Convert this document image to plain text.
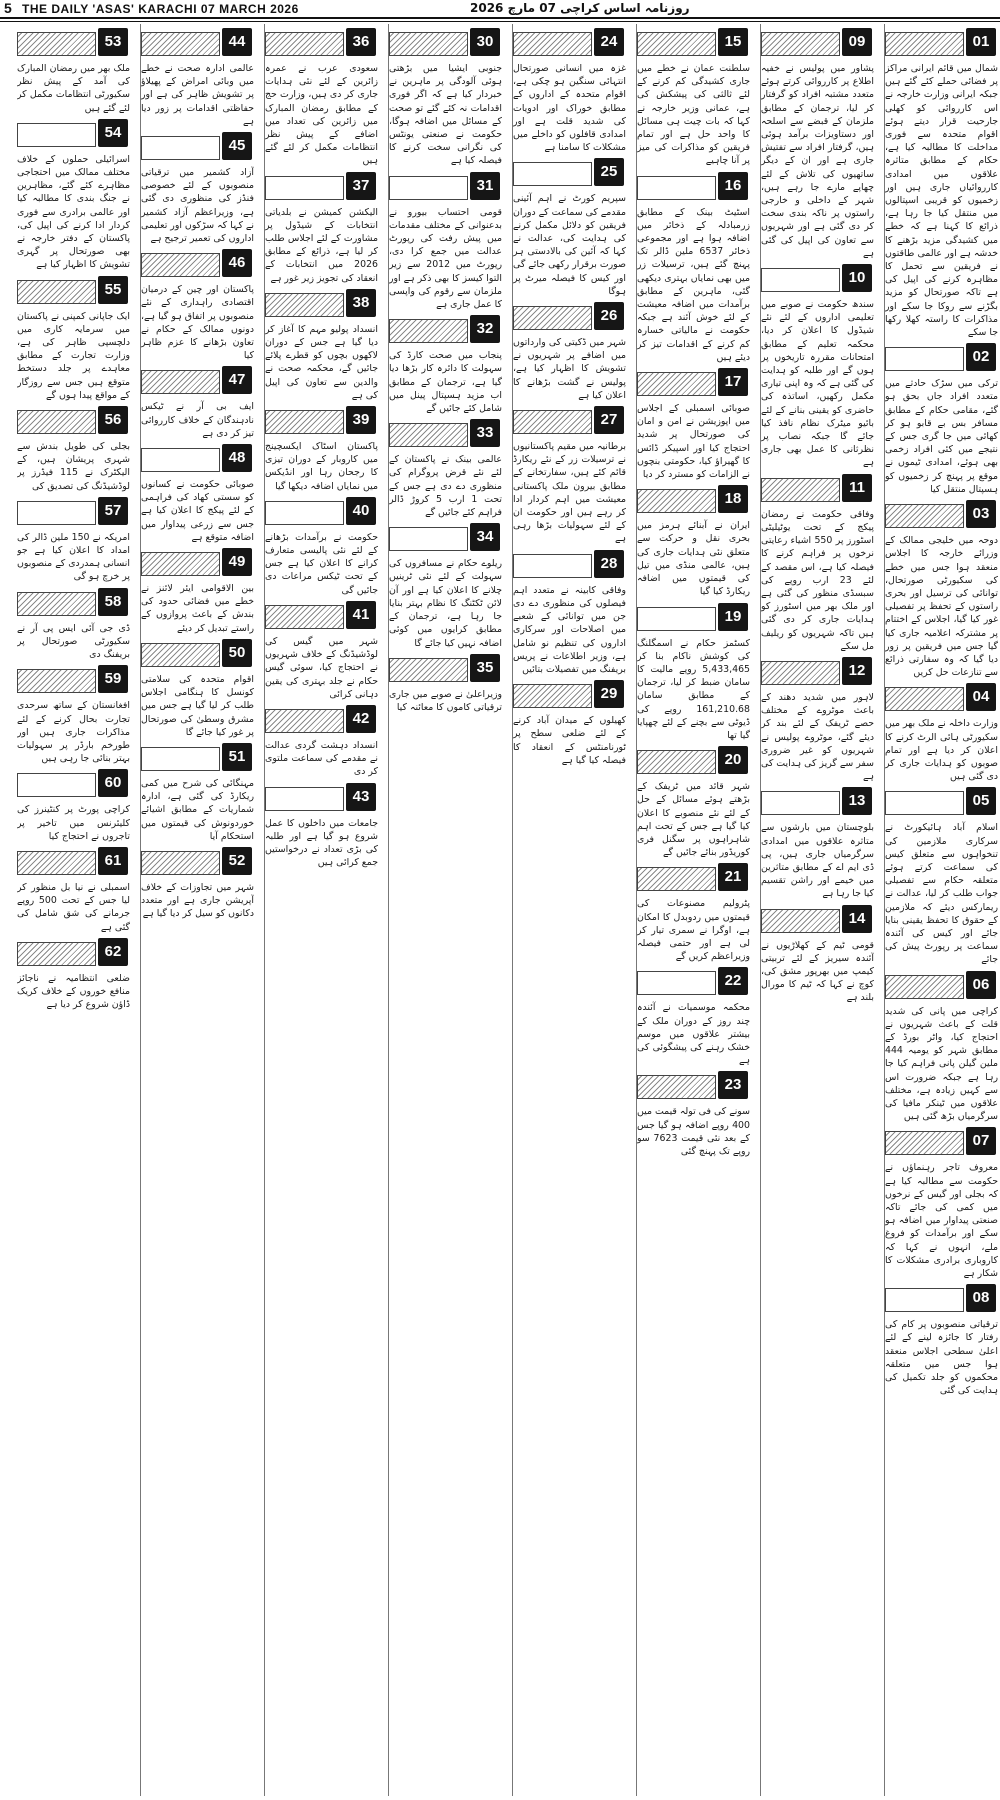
5 THE DAILY 'ASAS' KARACHI 07 MARCH 2026	روزنامہ اساس کراچی 07 مارچ 2026
01

شمال میں قائم ایرانی مراکز پر فضائی حملے کئے گئے ہیں جبکہ ایرانی وزارت خارجہ نے اس کارروائی کو کھلی جارحیت قرار دیتے ہوئے اقوام متحدہ سے فوری مداخلت کا مطالبہ کیا ہے، حکام کے مطابق متاثرہ علاقوں میں امدادی کارروائیاں جاری ہیں اور زخمیوں کو قریبی اسپتالوں میں منتقل کیا جا رہا ہے، ذرائع کا کہنا ہے کہ خطے میں کشیدگی مزید بڑھنے کا خدشہ ہے اور عالمی طاقتوں نے فریقین سے تحمل کا مظاہرہ کرنے کی اپیل کی ہے تاکہ صورتحال کو مزید بگڑنے سے روکا جا سکے اور مذاکرات کا راستہ کھلا رکھا جا سکے

02

ترکی میں سڑک حادثے میں متعدد افراد جاں بحق ہو گئے، مقامی حکام کے مطابق مسافر بس بے قابو ہو کر کھائی میں جا گری جس کے نتیجے میں کئی افراد زخمی بھی ہوئے، امدادی ٹیموں نے موقع پر پہنچ کر زخمیوں کو ہسپتال منتقل کیا

03

دوحہ میں خلیجی ممالک کے وزرائے خارجہ کا اجلاس منعقد ہوا جس میں خطے کی سکیورٹی صورتحال، توانائی کی ترسیل اور بحری راستوں کے تحفظ پر تفصیلی غور کیا گیا، اجلاس کے اختتام پر مشترکہ اعلامیہ جاری کیا گیا جس میں فریقین پر زور دیا گیا کہ وہ سفارتی ذرائع سے تنازعات حل کریں

04

وزارت داخلہ نے ملک بھر میں سکیورٹی ہائی الرٹ کرنے کا اعلان کر دیا ہے اور تمام صوبوں کو ہدایات جاری کر دی گئی ہیں

05

اسلام آباد ہائیکورٹ نے سرکاری ملازمین کی تنخواہوں سے متعلق کیس کی سماعت کرتے ہوئے متعلقہ حکام سے تفصیلی جواب طلب کر لیا، عدالت نے ریمارکس دیئے کہ ملازمین کے حقوق کا تحفظ یقینی بنایا جائے اور کیس کی آئندہ سماعت پر رپورٹ پیش کی جائے

06

کراچی میں پانی کی شدید قلت کے باعث شہریوں نے احتجاج کیا، واٹر بورڈ کے مطابق شہر کو یومیہ 444 ملین گیلن پانی فراہم کیا جا رہا ہے جبکہ ضرورت اس سے کہیں زیادہ ہے، مختلف علاقوں میں ٹینکر مافیا کی سرگرمیاں بڑھ گئی ہیں

07

معروف تاجر رہنماؤں نے حکومت سے مطالبہ کیا ہے کہ بجلی اور گیس کے نرخوں میں کمی کی جائے تاکہ صنعتی پیداوار میں اضافہ ہو سکے اور برآمدات کو فروغ ملے، انہوں نے کہا کہ کاروباری برادری مشکلات کا شکار ہے

08

ترقیاتی منصوبوں پر کام کی رفتار کا جائزہ لینے کے لئے اعلیٰ سطحی اجلاس منعقد ہوا جس میں متعلقہ محکموں کو جلد تکمیل کی ہدایت کی گئی

09

پشاور میں پولیس نے خفیہ اطلاع پر کارروائی کرتے ہوئے متعدد مشتبہ افراد کو گرفتار کر لیا، ترجمان کے مطابق ملزمان کے قبضے سے اسلحہ اور دستاویزات برآمد ہوئی ہیں، گرفتار افراد سے تفتیش جاری ہے اور ان کے دیگر ساتھیوں کی تلاش کے لئے چھاپے مارے جا رہے ہیں، شہر کے داخلی و خارجی راستوں پر ناکہ بندی سخت کر دی گئی ہے اور شہریوں سے تعاون کی اپیل کی گئی ہے

10

سندھ حکومت نے صوبے میں تعلیمی اداروں کے لئے نئے شیڈول کا اعلان کر دیا، محکمہ تعلیم کے مطابق امتحانات مقررہ تاریخوں پر ہوں گے اور طلبہ کو ہدایت کی گئی ہے کہ وہ اپنی تیاری مکمل رکھیں، اساتذہ کی حاضری کو یقینی بنانے کے لئے بائیو میٹرک نظام نافذ کیا جائے گا جبکہ نصاب پر نظرثانی کا عمل بھی جاری ہے

11

وفاقی حکومت نے رمضان پیکج کے تحت یوٹیلیٹی اسٹورز پر 550 اشیاء رعایتی نرخوں پر فراہم کرنے کا فیصلہ کیا ہے، اس مقصد کے لئے 23 ارب روپے کی سبسڈی منظور کی گئی ہے اور ملک بھر میں اسٹورز کو ہدایات جاری کر دی گئی ہیں تاکہ شہریوں کو ریلیف مل سکے

12

لاہور میں شدید دھند کے باعث موٹروے کے مختلف حصے ٹریفک کے لئے بند کر دیئے گئے، موٹروے پولیس نے شہریوں کو غیر ضروری سفر سے گریز کی ہدایت کی ہے

13

بلوچستان میں بارشوں سے متاثرہ علاقوں میں امدادی سرگرمیاں جاری ہیں، پی ڈی ایم اے کے مطابق متاثرین میں خیمے اور راشن تقسیم کیا جا رہا ہے

14

قومی ٹیم کے کھلاڑیوں نے آئندہ سیریز کے لئے تربیتی کیمپ میں بھرپور مشق کی، کوچ نے کہا کہ ٹیم کا مورال بلند ہے

15

سلطنت عمان نے خطے میں جاری کشیدگی کم کرنے کے لئے ثالثی کی پیشکش کی ہے، عمانی وزیر خارجہ نے کہا کہ بات چیت ہی مسائل کا واحد حل ہے اور تمام فریقین کو مذاکرات کی میز پر آنا چاہیے

16

اسٹیٹ بینک کے مطابق زرمبادلہ کے ذخائر میں اضافہ ہوا ہے اور مجموعی ذخائر 6537 ملین ڈالر تک پہنچ گئے ہیں، ترسیلات زر میں بھی نمایاں بہتری دیکھی گئی، ماہرین کے مطابق برآمدات میں اضافہ معیشت کے لئے خوش آئند ہے جبکہ حکومت نے مالیاتی خسارہ کم کرنے کے اقدامات تیز کر دیئے ہیں

17

صوبائی اسمبلی کے اجلاس میں اپوزیشن نے امن و امان کی صورتحال پر شدید احتجاج کیا اور اسپیکر ڈائس کا گھیراؤ کیا، حکومتی بنچوں نے الزامات کو مسترد کر دیا

18

ایران نے آبنائے ہرمز میں بحری نقل و حرکت سے متعلق نئی ہدایات جاری کی ہیں، عالمی منڈی میں تیل کی قیمتوں میں اضافہ ریکارڈ کیا گیا

19

کسٹمز حکام نے اسمگلنگ کی کوشش ناکام بنا کر 5,433,465 روپے مالیت کا سامان ضبط کر لیا، ترجمان کے مطابق سامان 161,210.68 روپے کی ڈیوٹی سے بچنے کے لئے چھپایا گیا تھا

20

شہر قائد میں ٹریفک کے بڑھتے ہوئے مسائل کے حل کے لئے نئے منصوبے کا اعلان کیا گیا ہے جس کے تحت اہم شاہراہوں پر سگنل فری کوریڈور بنائے جائیں گے

21

پٹرولیم مصنوعات کی قیمتوں میں ردوبدل کا امکان ہے، اوگرا نے سمری تیار کر لی ہے اور حتمی فیصلہ وزیراعظم کریں گے

22

محکمہ موسمیات نے آئندہ چند روز کے دوران ملک کے بیشتر علاقوں میں موسم خشک رہنے کی پیشگوئی کی ہے

23

سونے کی فی تولہ قیمت میں 400 روپے اضافہ ہو گیا جس کے بعد نئی قیمت 7623 سو روپے تک پہنچ گئی

24

غزہ میں انسانی صورتحال انتہائی سنگین ہو چکی ہے، اقوام متحدہ کے اداروں کے مطابق خوراک اور ادویات کی شدید قلت ہے اور امدادی قافلوں کو داخلے میں مشکلات کا سامنا ہے

25

سپریم کورٹ نے اہم آئینی مقدمے کی سماعت کے دوران فریقین کو دلائل مکمل کرنے کی ہدایت کی، عدالت نے کہا کہ آئین کی بالادستی ہر صورت برقرار رکھی جائے گی اور کیس کا فیصلہ میرٹ پر ہوگا

26

شہر میں ڈکیتی کی وارداتوں میں اضافے پر شہریوں نے تشویش کا اظہار کیا ہے، پولیس نے گشت بڑھانے کا اعلان کیا ہے

27

برطانیہ میں مقیم پاکستانیوں نے ترسیلات زر کے نئے ریکارڈ قائم کئے ہیں، سفارتخانے کے مطابق بیرون ملک پاکستانی معیشت میں اہم کردار ادا کر رہے ہیں اور حکومت ان کے لئے سہولیات بڑھا رہی ہے

28

وفاقی کابینہ نے متعدد اہم فیصلوں کی منظوری دے دی جن میں توانائی کے شعبے میں اصلاحات اور سرکاری اداروں کی تنظیم نو شامل ہے، وزیر اطلاعات نے پریس بریفنگ میں تفصیلات بتائیں

29

کھیلوں کے میدان آباد کرنے کے لئے ضلعی سطح پر ٹورنامنٹس کے انعقاد کا فیصلہ کیا گیا ہے

30

جنوبی ایشیا میں بڑھتی ہوئی آلودگی پر ماہرین نے خبردار کیا ہے کہ اگر فوری اقدامات نہ کئے گئے تو صحت کے مسائل میں اضافہ ہوگا، حکومت نے صنعتی یونٹس کی نگرانی سخت کرنے کا فیصلہ کیا ہے

31

قومی احتساب بیورو نے بدعنوانی کے مختلف مقدمات میں پیش رفت کی رپورٹ عدالت میں جمع کرا دی، رپورٹ میں 2012 سے زیر التوا کیسز کا بھی ذکر ہے اور ملزمان سے رقوم کی واپسی کا عمل جاری ہے

32

پنجاب میں صحت کارڈ کی سہولت کا دائرہ کار بڑھا دیا گیا ہے، ترجمان کے مطابق اب مزید ہسپتال پینل میں شامل کئے جائیں گے

33

عالمی بینک نے پاکستان کے لئے نئے قرض پروگرام کی منظوری دے دی ہے جس کے تحت 1 ارب 5 کروڑ ڈالر فراہم کئے جائیں گے

34

ریلوے حکام نے مسافروں کی سہولت کے لئے نئی ٹرینیں چلانے کا اعلان کیا ہے اور آن لائن ٹکٹنگ کا نظام بہتر بنایا جا رہا ہے، ترجمان کے مطابق کرایوں میں کوئی اضافہ نہیں کیا جائے گا

35

وزیراعلیٰ نے صوبے میں جاری ترقیاتی کاموں کا معائنہ کیا

36

سعودی عرب نے عمرہ زائرین کے لئے نئی ہدایات جاری کر دی ہیں، وزارت حج کے مطابق رمضان المبارک میں زائرین کی تعداد میں اضافے کے پیش نظر انتظامات مکمل کر لئے گئے ہیں

37

الیکشن کمیشن نے بلدیاتی انتخابات کے شیڈول پر مشاورت کے لئے اجلاس طلب کر لیا ہے، ذرائع کے مطابق 2026 میں انتخابات کے انعقاد کی تجویز زیر غور ہے

38

انسداد پولیو مہم کا آغاز کر دیا گیا ہے جس کے دوران لاکھوں بچوں کو قطرے پلائے جائیں گے، محکمہ صحت نے والدین سے تعاون کی اپیل کی ہے

39

پاکستان اسٹاک ایکسچینج میں کاروبار کے دوران تیزی کا رجحان رہا اور انڈیکس میں نمایاں اضافہ دیکھا گیا

40

حکومت نے برآمدات بڑھانے کے لئے نئی پالیسی متعارف کرانے کا اعلان کیا ہے جس کے تحت ٹیکس مراعات دی جائیں گی

41

شہر میں گیس کی لوڈشیڈنگ کے خلاف شہریوں نے احتجاج کیا، سوئی گیس حکام نے جلد بہتری کی یقین دہانی کرائی

42

انسداد دہشت گردی عدالت نے مقدمے کی سماعت ملتوی کر دی

43

جامعات میں داخلوں کا عمل شروع ہو گیا ہے اور طلبہ کی بڑی تعداد نے درخواستیں جمع کرائی ہیں

44

عالمی ادارہ صحت نے خطے میں وبائی امراض کے پھیلاؤ پر تشویش ظاہر کی ہے اور حفاظتی اقدامات پر زور دیا ہے

45

آزاد کشمیر میں ترقیاتی منصوبوں کے لئے خصوصی فنڈز کی منظوری دی گئی ہے، وزیراعظم آزاد کشمیر نے کہا کہ سڑکوں اور تعلیمی اداروں کی تعمیر ترجیح ہے

46

پاکستان اور چین کے درمیان اقتصادی راہداری کے نئے منصوبوں پر اتفاق ہو گیا ہے، دونوں ممالک کے حکام نے تعاون بڑھانے کا عزم ظاہر کیا

47

ایف بی آر نے ٹیکس نادہندگان کے خلاف کارروائی تیز کر دی ہے

48

صوبائی حکومت نے کسانوں کو سستی کھاد کی فراہمی کے لئے پیکج کا اعلان کیا ہے جس سے زرعی پیداوار میں اضافہ متوقع ہے

49

بین الاقوامی ایئر لائنز نے خطے میں فضائی حدود کی بندش کے باعث پروازوں کے راستے تبدیل کر دیئے

50

اقوام متحدہ کی سلامتی کونسل کا ہنگامی اجلاس طلب کر لیا گیا ہے جس میں مشرق وسطیٰ کی صورتحال پر غور کیا جائے گا

51

مہنگائی کی شرح میں کمی ریکارڈ کی گئی ہے، ادارہ شماریات کے مطابق اشیائے خوردونوش کی قیمتوں میں استحکام آیا

52

شہر میں تجاوزات کے خلاف آپریشن جاری ہے اور متعدد دکانوں کو سیل کر دیا گیا ہے

53

ملک بھر میں رمضان المبارک کی آمد کے پیش نظر سکیورٹی انتظامات مکمل کر لئے گئے ہیں

54

اسرائیلی حملوں کے خلاف مختلف ممالک میں احتجاجی مظاہرے کئے گئے، مظاہرین نے جنگ بندی کا مطالبہ کیا اور عالمی برادری سے فوری کردار ادا کرنے کی اپیل کی، پاکستان کے دفتر خارجہ نے بھی صورتحال پر گہری تشویش کا اظہار کیا ہے

55

ایک جاپانی کمپنی نے پاکستان میں سرمایہ کاری میں دلچسپی ظاہر کی ہے، وزارت تجارت کے مطابق معاہدے پر جلد دستخط متوقع ہیں جس سے روزگار کے مواقع پیدا ہوں گے

56

بجلی کی طویل بندش سے شہری پریشان ہیں، کے الیکٹرک نے 115 فیڈرز پر لوڈشیڈنگ کی تصدیق کی

57

امریکہ نے 150 ملین ڈالر کی امداد کا اعلان کیا ہے جو انسانی ہمدردی کے منصوبوں پر خرچ ہو گی

58

ڈی جی آئی ایس پی آر نے سکیورٹی صورتحال پر بریفنگ دی

59

افغانستان کے ساتھ سرحدی تجارت بحال کرنے کے لئے مذاکرات جاری ہیں اور طورخم بارڈر پر سہولیات بہتر بنائی جا رہی ہیں

60

کراچی پورٹ پر کنٹینرز کی کلیئرنس میں تاخیر پر تاجروں نے احتجاج کیا

61

اسمبلی نے نیا بل منظور کر لیا جس کے تحت 500 روپے جرمانے کی شق شامل کی گئی ہے

62

ضلعی انتظامیہ نے ناجائز منافع خوروں کے خلاف کریک ڈاؤن شروع کر دیا ہے
